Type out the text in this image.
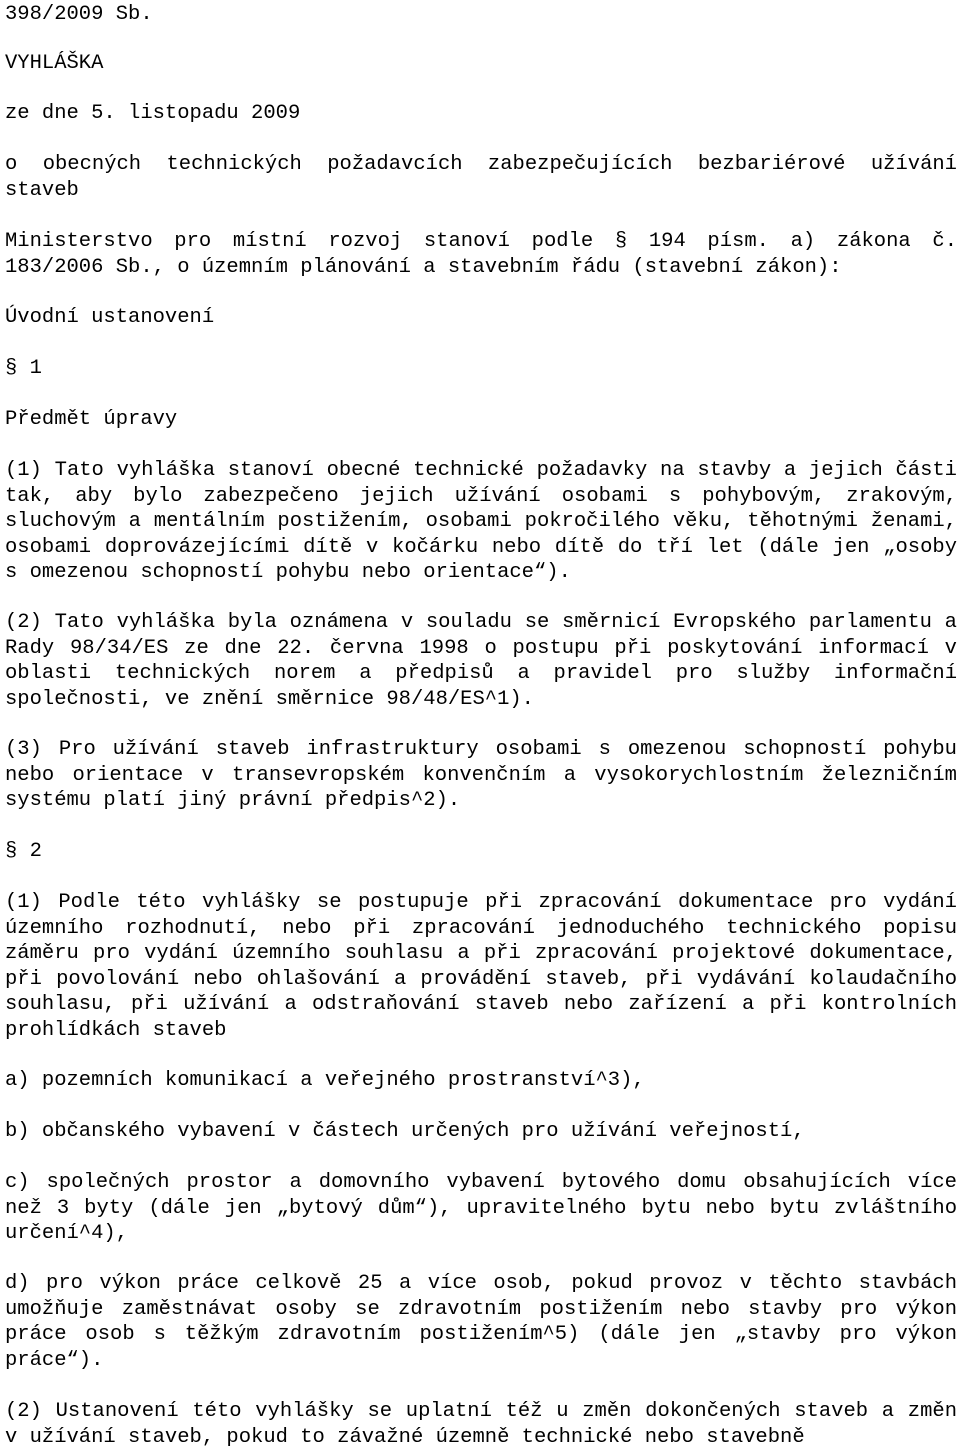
398/2009 Sb.

VYHLÁŠKA

ze dne 5. listopadu 2009

o obecných technických požadavcích zabezpečujících bezbariérové užívání staveb

Ministerstvo pro místní rozvoj stanoví podle § 194 písm. a) zákona č. 183/2006 Sb., o územním plánování a stavebním řádu (stavební zákon):

Úvodní ustanovení

§ 1

Předmět úpravy

(1) Tato vyhláška stanoví obecné technické požadavky na stavby a jejich části tak, aby bylo zabezpečeno jejich užívání osobami s pohybovým, zrakovým, sluchovým a mentálním postižením, osobami pokročilého věku, těhotnými ženami, osobami doprovázejícími dítě v kočárku nebo dítě do tří let (dále jen „osoby s omezenou schopností pohybu nebo orientace“).

(2) Tato vyhláška byla oznámena v souladu se směrnicí Evropského parlamentu a Rady 98/34/ES ze dne 22. června 1998 o postupu při poskytování informací v oblasti technických norem a předpisů a pravidel pro služby informační společnosti, ve znění směrnice 98/48/ES^1).

(3) Pro užívání staveb infrastruktury osobami s omezenou schopností pohybu nebo orientace v transevropském konvenčním a vysokorychlostním železničním systému platí jiný právní předpis^2).

§ 2

(1) Podle této vyhlášky se postupuje při zpracování dokumentace pro vydání územního rozhodnutí, nebo při zpracování jednoduchého technického popisu záměru pro vydání územního souhlasu a při zpracování projektové dokumentace, při povolování nebo ohlašování a provádění staveb, při vydávání kolaudačního souhlasu, při užívání a odstraňování staveb nebo zařízení a při kontrolních prohlídkách staveb

a) pozemních komunikací a veřejného prostranství^3),

b) občanského vybavení v částech určených pro užívání veřejností,

c) společných prostor a domovního vybavení bytového domu obsahujících více než 3 byty (dále jen „bytový dům“), upravitelného bytu nebo bytu zvláštního určení^4),

d) pro výkon práce celkově 25 a více osob, pokud provoz v těchto stavbách umožňuje zaměstnávat osoby se zdravotním postižením nebo stavby pro výkon práce osob s těžkým zdravotním postižením^5) (dále jen „stavby pro výkon práce“).

(2) Ustanovení této vyhlášky se uplatní též u změn dokončených staveb a změn v užívání staveb, pokud to závažné územně technické nebo stavebně
